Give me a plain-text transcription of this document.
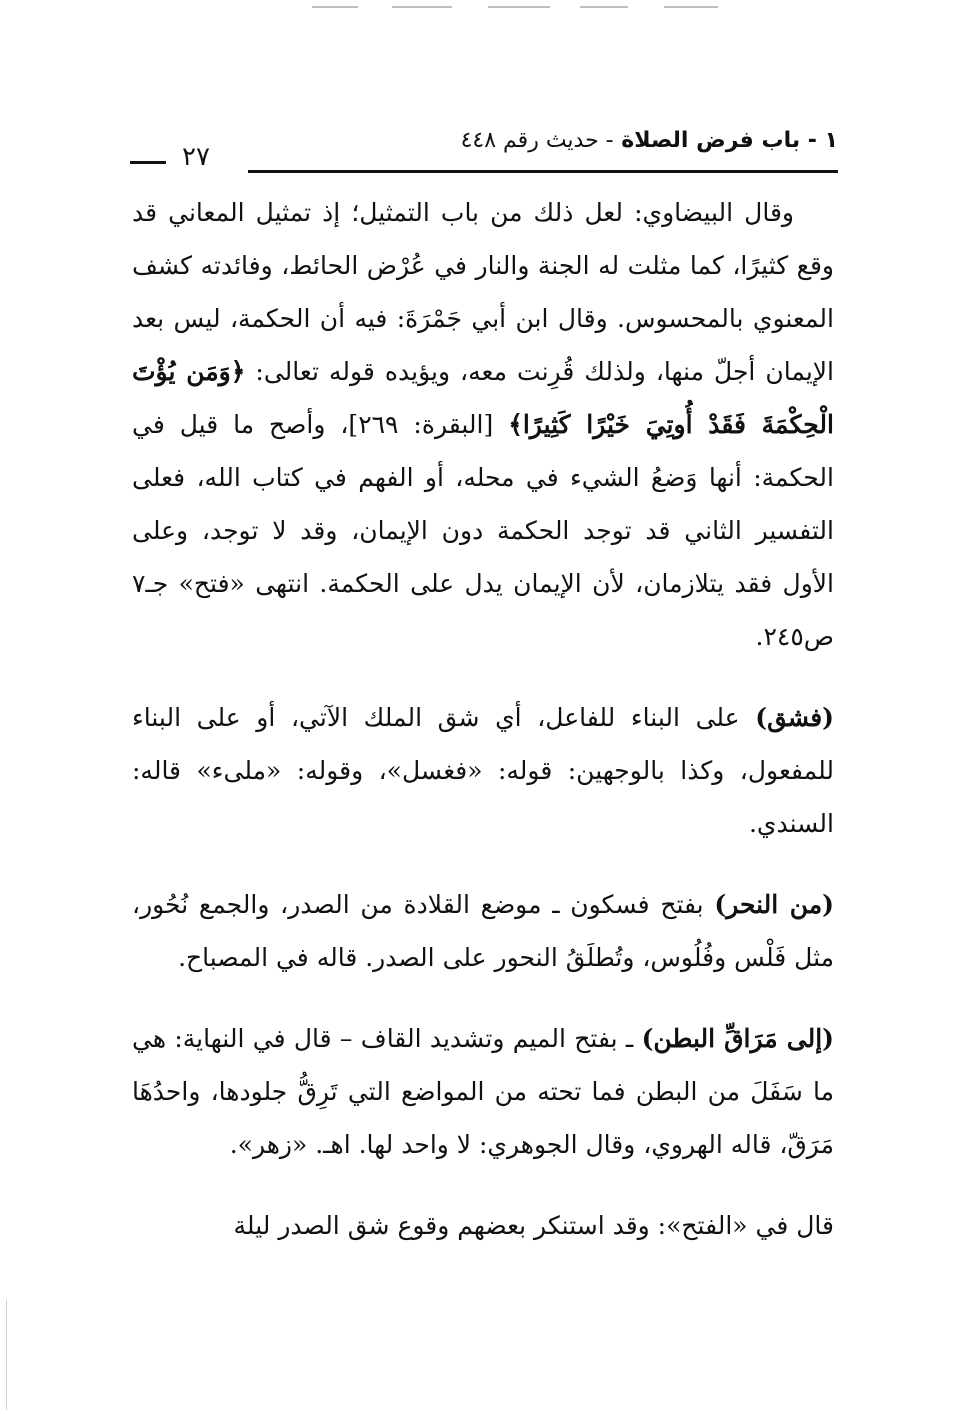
١ - باب فرض الصلاة - حديث رقم ٤٤٨
٢٧

وقال البيضاوي: لعل ذلك من باب التمثيل؛ إذ تمثيل المعاني قد وقع كثيرًا، كما مثلت له الجنة والنار في عُرْض الحائط، وفائدته كشف المعنوي بالمحسوس. وقال ابن أبي جَمْرَةَ: فيه أن الحكمة، ليس بعد الإيمان أجلّ منها، ولذلك قُرِنت معه، ويؤيده قوله تعالى: ﴿وَمَن يُؤْتَ الْحِكْمَةَ فَقَدْ أُوتِيَ خَيْرًا كَثِيرًا﴾ [البقرة: ٢٦٩]، وأصح ما قيل في الحكمة: أنها وَضعُ الشيء في محله، أو الفهم في كتاب الله، فعلى التفسير الثاني قد توجد الحكمة دون الإيمان، وقد لا توجد، وعلى الأول فقد يتلازمان، لأن الإيمان يدل على الحكمة. انتهى «فتح» جـ٧ ص٢٤٥.

(فشق) على البناء للفاعل، أي شق الملك الآتي، أو على البناء للمفعول، وكذا بالوجهين: قوله: «فغسل»، وقوله: «ملىء» قاله: السندي.

(من النحر) بفتح فسكون ـ موضع القلادة من الصدر، والجمع نُحُور، مثل فَلْس وفُلُوس، وتُطلَقُ النحور على الصدر. قاله في المصباح.

(إلى مَرَاقِّ البطن) ـ بفتح الميم وتشديد القاف – قال في النهاية: هي ما سَفَلَ من البطن فما تحته من المواضع التي تَرِقُّ جلودها، واحدُهَا مَرَقّ، قاله الهروي، وقال الجوهري: لا واحد لها. اهـ. «زهر».

قال في «الفتح»: وقد استنكر بعضهم وقوع شق الصدر ليلة
